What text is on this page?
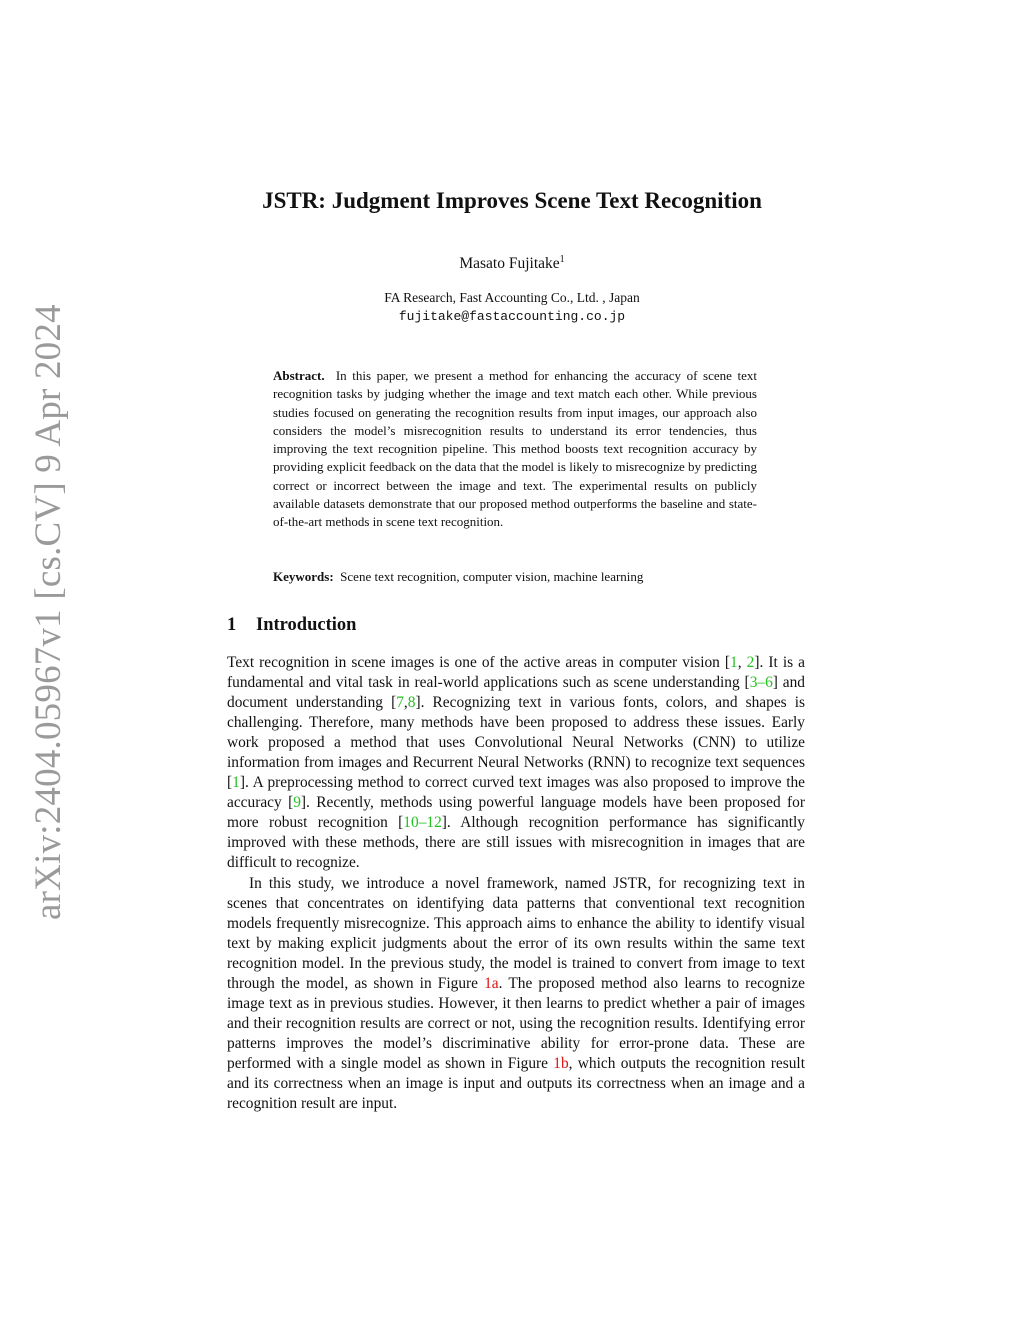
arXiv:2404.05967v1 [cs.CV] 9 Apr 2024
JSTR: Judgment Improves Scene Text Recognition
Masato Fujitake$^1$
FA Research, Fast Accounting Co., Ltd. , Japan
fujitake@fastaccounting.co.jp

Abstract. In this paper, we present a method for enhancing the accuracy of scene text recognition tasks by judging whether the image and text match each other. While previous studies focused on generating the recognition results from input images, our approach also considers the model’s misrecognition results to understand its error tendencies, thus improving the text recognition pipeline. This method boosts text recognition accuracy by providing explicit feedback on the data that the model is likely to misrecognize by predicting correct or incorrect between the image and text. The experimental results on publicly available datasets demonstrate that our proposed method outperforms the baseline and state-of-the-art methods in scene text recognition.

Keywords: Scene text recognition, computer vision, machine learning

1 Introduction

Text recognition in scene images is one of the active areas in computer vision [1, 2]. It is a fundamental and vital task in real-world applications such as scene understanding [3–6] and document understanding [7,8]. Recognizing text in various fonts, colors, and shapes is challenging. Therefore, many methods have been proposed to address these issues. Early work proposed a method that uses Convolutional Neural Networks (CNN) to utilize information from images and Recurrent Neural Networks (RNN) to recognize text sequences [1]. A preprocessing method to correct curved text images was also proposed to improve the accuracy [9]. Recently, methods using powerful language models have been proposed for more robust recognition [10–12]. Although recognition performance has significantly improved with these methods, there are still issues with misrecognition in images that are difficult to recognize.

In this study, we introduce a novel framework, named JSTR, for recognizing text in scenes that concentrates on identifying data patterns that conventional text recognition models frequently misrecognize. This approach aims to enhance the ability to identify visual text by making explicit judgments about the error of its own results within the same text recognition model. In the previous study, the model is trained to convert from image to text through the model, as shown in Figure 1a. The proposed method also learns to recognize image text as in previous studies. However, it then learns to predict whether a pair of images and their recognition results are correct or not, using the recognition results. Identifying error patterns improves the model’s discriminative ability for error-prone data. These are performed with a single model as shown in Figure 1b, which outputs the recognition result and its correctness when an image is input and outputs its correctness when an image and a recognition result are input.
